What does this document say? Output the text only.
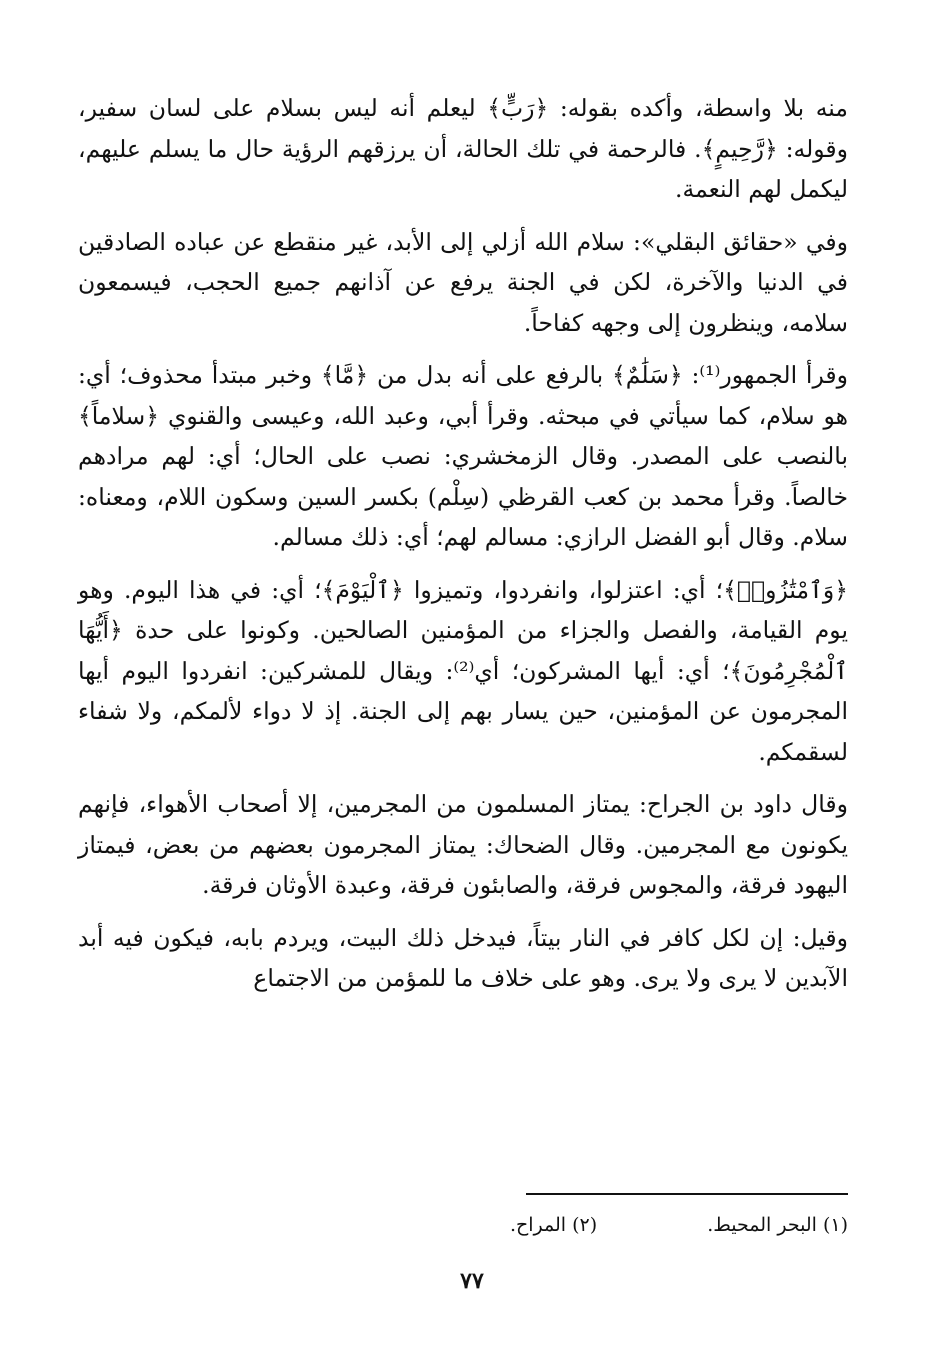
منه بلا واسطة، وأكده بقوله: ﴿رَبٍّ﴾ ليعلم أنه ليس بسلام على لسان سفير، وقوله: ﴿رَّحِيمٍ﴾. فالرحمة في تلك الحالة، أن يرزقهم الرؤية حال ما يسلم عليهم، ليكمل لهم النعمة.

وفي «حقائق البقلي»: سلام الله أزلي إلى الأبد، غير منقطع عن عباده الصادقين في الدنيا والآخرة، لكن في الجنة يرفع عن آذانهم جميع الحجب، فيسمعون سلامه، وينظرون إلى وجهه كفاحاً.

وقرأ الجمهور⁽¹⁾: ﴿سَلَٰمٌ﴾ بالرفع على أنه بدل من ﴿مَّا﴾ وخبر مبتدأ محذوف؛ أي: هو سلام، كما سيأتي في مبحثه. وقرأ أبي، وعبد الله، وعيسى والقنوي ﴿سلاماً﴾ بالنصب على المصدر. وقال الزمخشري: نصب على الحال؛ أي: لهم مرادهم خالصاً. وقرأ محمد بن كعب القرظي (سِلْم) بكسر السين وسكون اللام، ومعناه: سلام. وقال أبو الفضل الرازي: مسالم لهم؛ أي: ذلك مسالم.

﴿وَٱمْتَٰزُوا۟﴾؛ أي: اعتزلوا، وانفردوا، وتميزوا ﴿ٱلْيَوْمَ﴾؛ أي: في هذا اليوم. وهو يوم القيامة، والفصل والجزاء من المؤمنين الصالحين. وكونوا على حدة ﴿أَيُّهَا ٱلْمُجْرِمُونَ﴾؛ أي: أيها المشركون؛ أي⁽²⁾: ويقال للمشركين: انفردوا اليوم أيها المجرمون عن المؤمنين، حين يسار بهم إلى الجنة. إذ لا دواء لألمكم، ولا شفاء لسقمكم.

وقال داود بن الجراح: يمتاز المسلمون من المجرمين، إلا أصحاب الأهواء، فإنهم يكونون مع المجرمين. وقال الضحاك: يمتاز المجرمون بعضهم من بعض، فيمتاز اليهود فرقة، والمجوس فرقة، والصابئون فرقة، وعبدة الأوثان فرقة.

وقيل: إن لكل كافر في النار بيتاً، فيدخل ذلك البيت، ويردم بابه، فيكون فيه أبد الآبدين لا يرى ولا يرى. وهو على خلاف ما للمؤمن من الاجتماع

(١) البحر المحيط.
(٢) المراح.
٧٧
